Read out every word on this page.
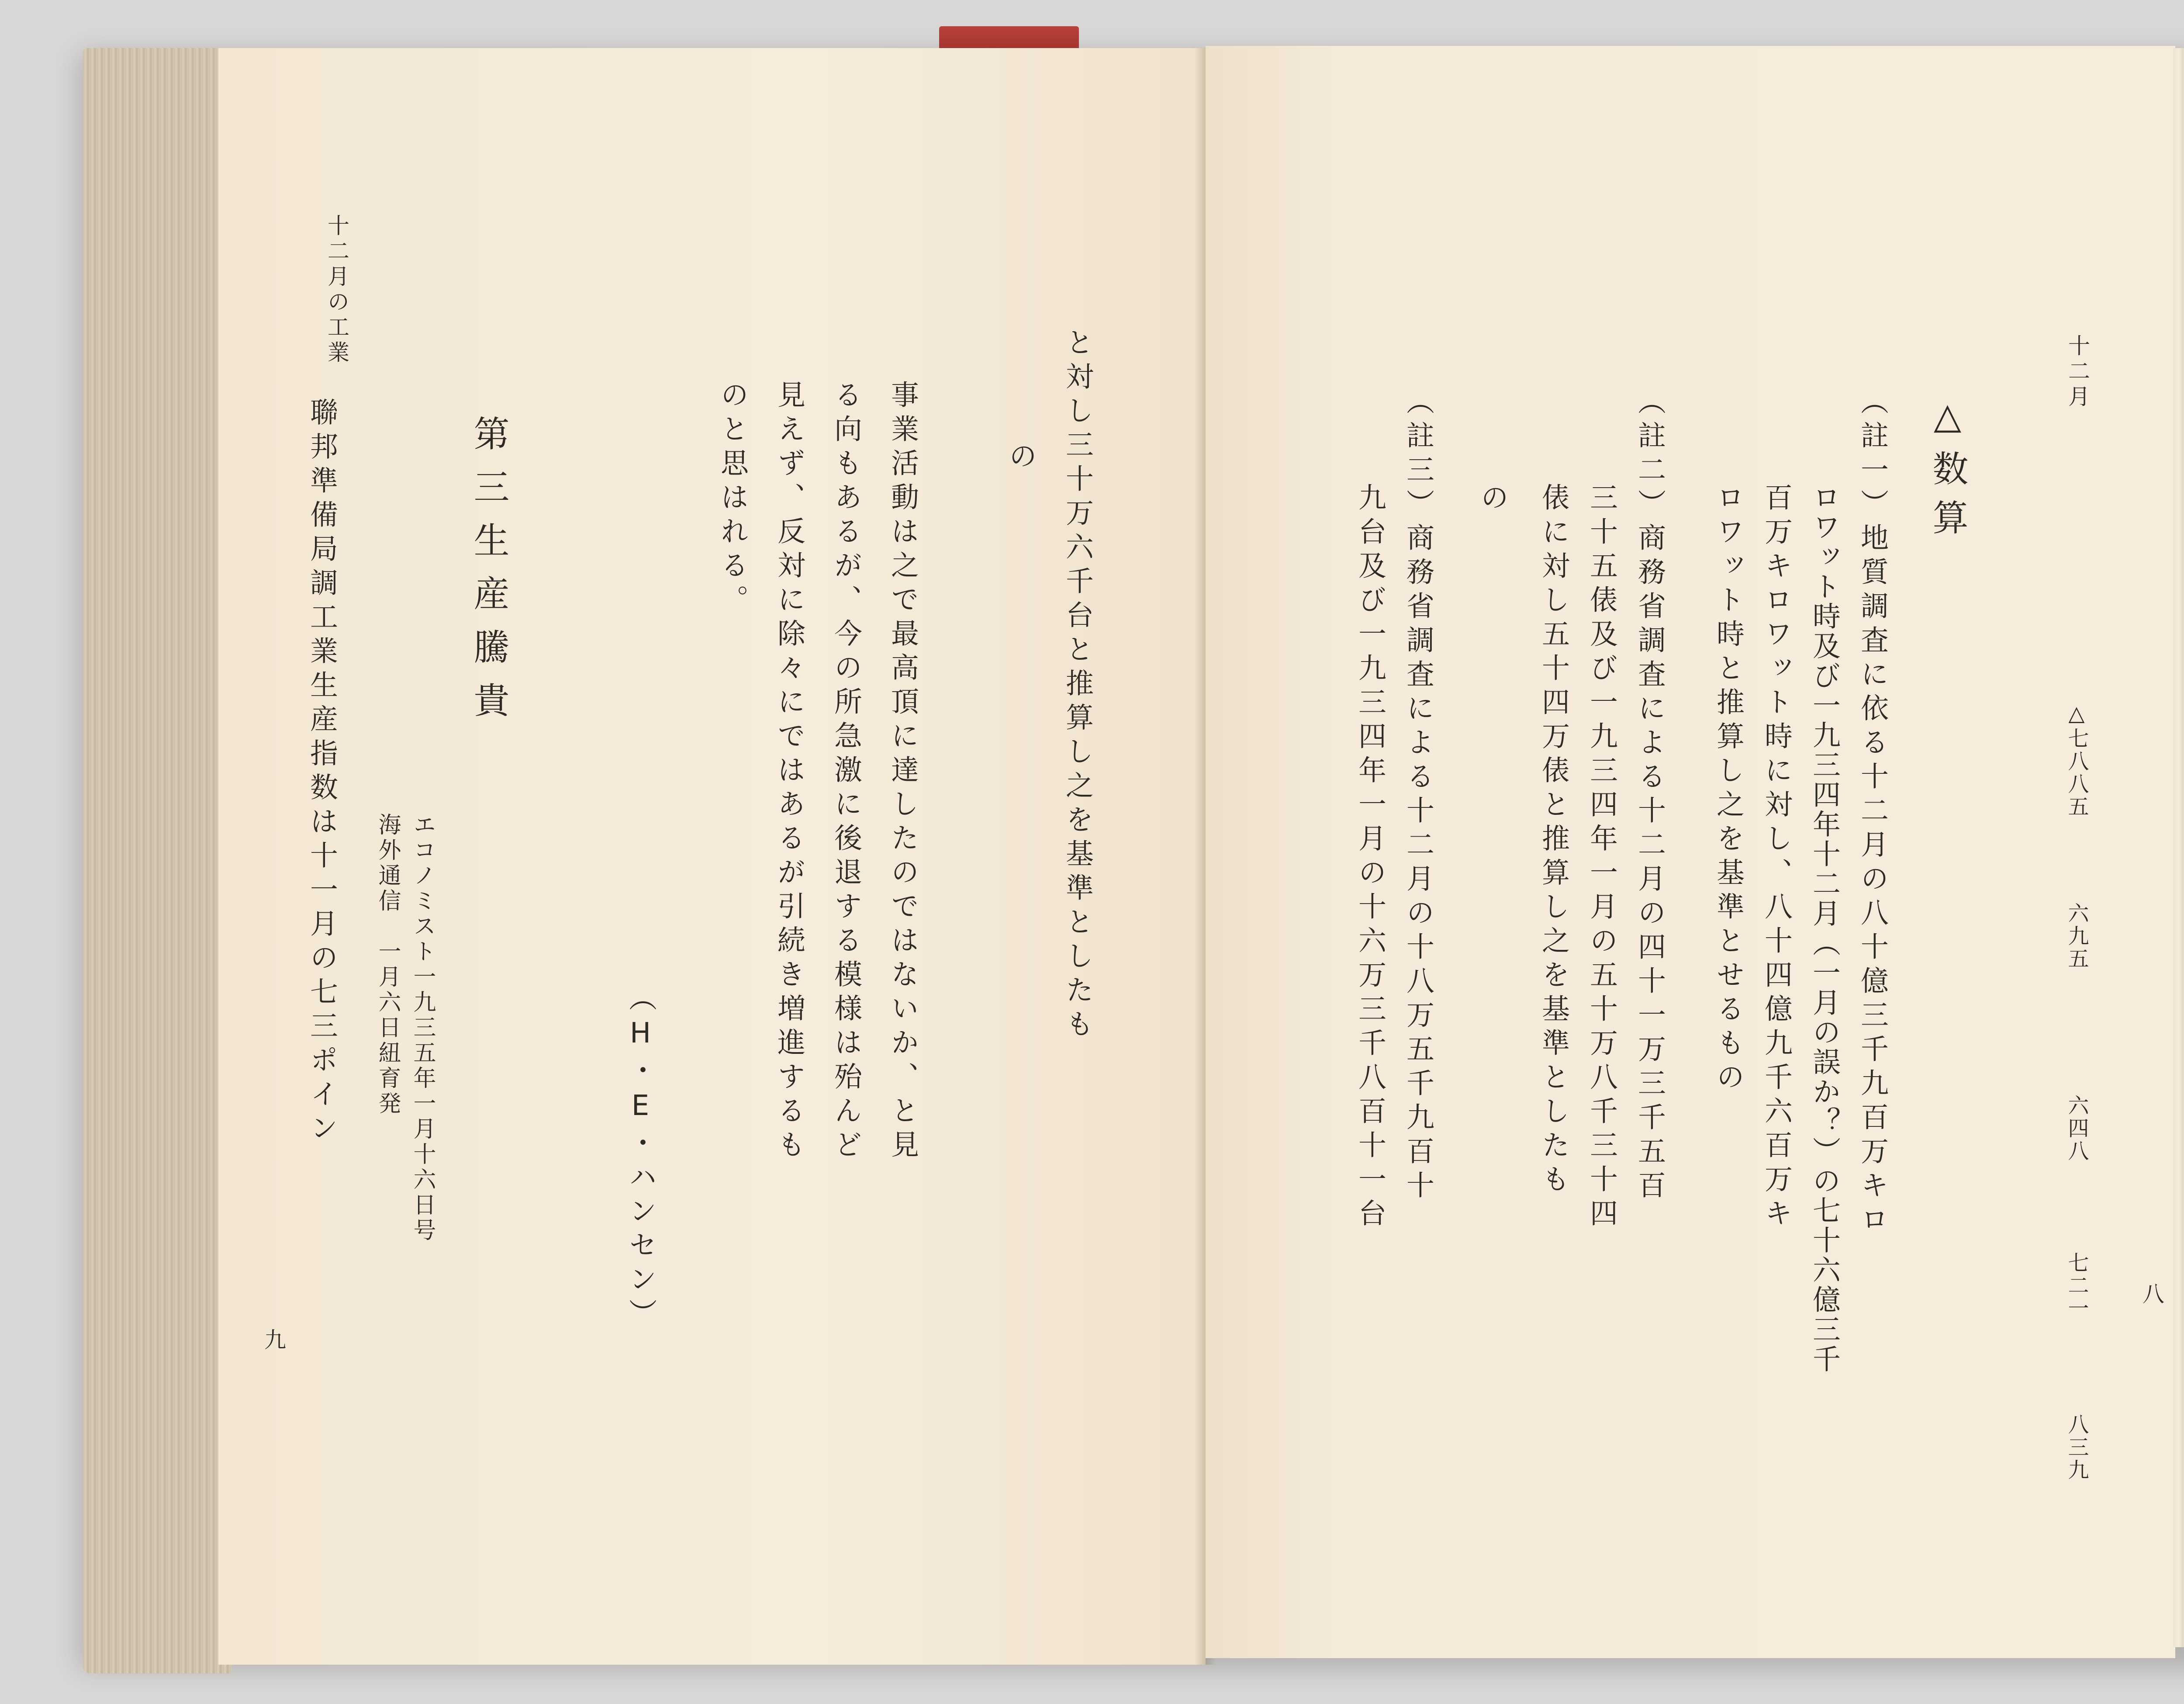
十二月の工業
九
と対し三十万六千台と推算し之を基準としたも
の
事業活動は之で最高頂に達したのではないか、と見
る向もあるが、今の所急激に後退する模様は殆んど
見えず、反対に除々にではあるが引続き増進するも
のと思はれる。
（H・E・ハンセン）
第三生産騰貴
エコノミスト一九三五年一月十六日号
海外通信　一月六日紐育発
聯邦準備局調工業生産指数は十一月の七三ポイン
十二月
八
△七八八五
六九五
六四八
七二一
八三九
△数算
（註一）地質調査に依る十二月の八十億三千九百万キロ
ロワット時及び一九三四年十二月（一月の誤か？）の七十六億三千
百万キロワット時に対し、八十四億九千六百万キ
ロワット時と推算し之を基準とせるもの
（註二）商務省調査による十二月の四十一万三千五百
三十五俵及び一九三四年一月の五十万八千三十四
俵に対し五十四万俵と推算し之を基準としたも
の
（註三）商務省調査による十二月の十八万五千九百十
九台及び一九三四年一月の十六万三千八百十一台
